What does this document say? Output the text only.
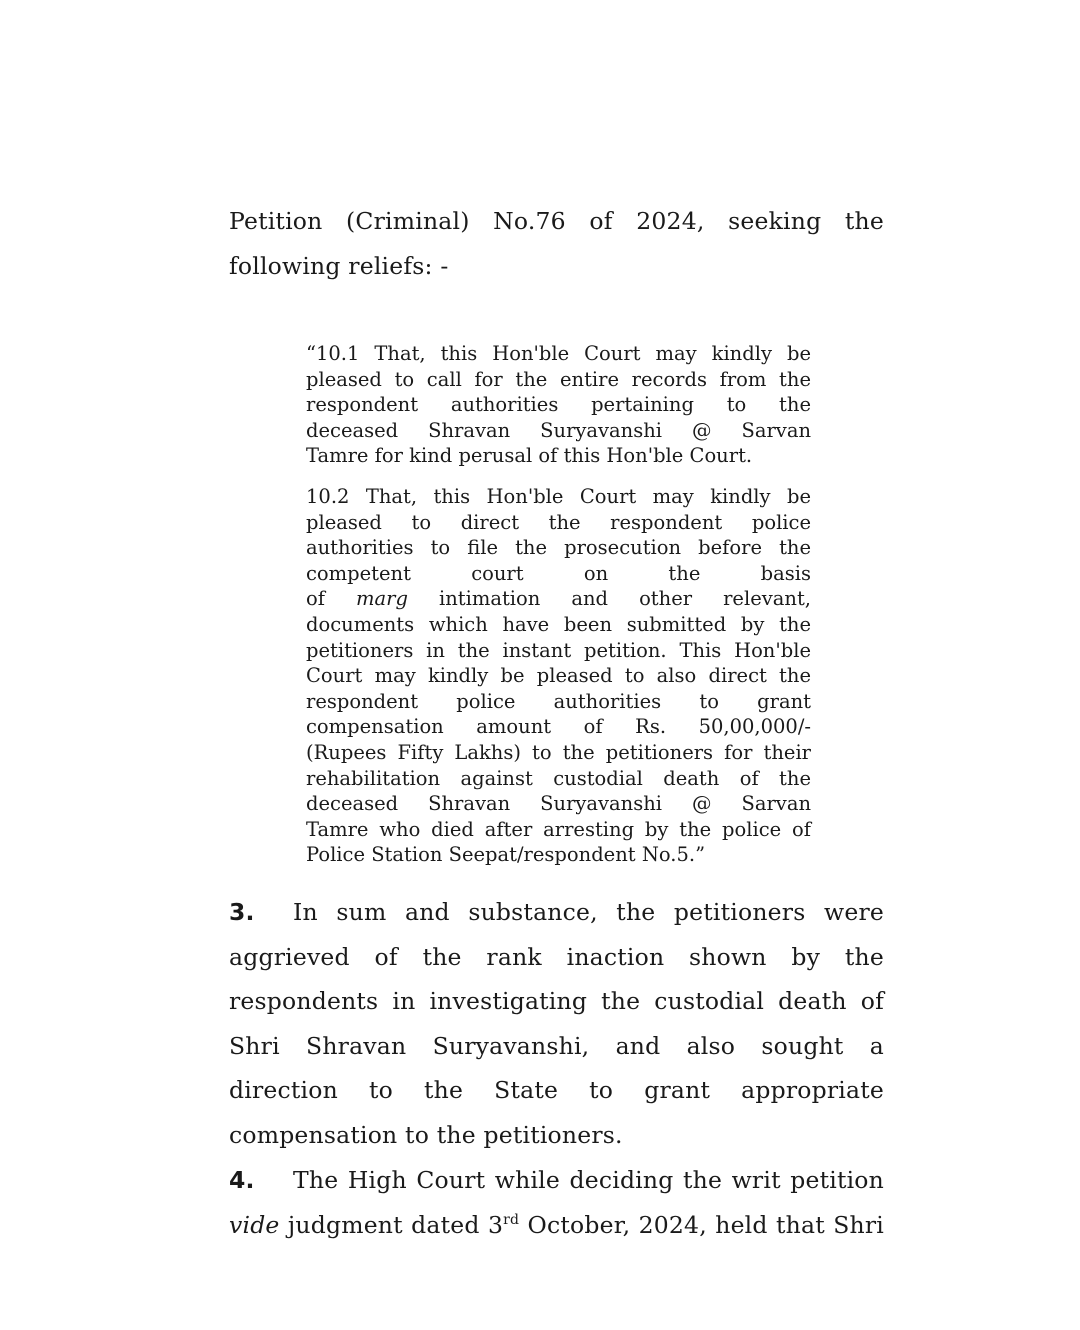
Petition (Criminal) No.76 of 2024, seeking the
following reliefs: -
“10.1 That, this Hon'ble Court may kindly be
pleased to call for the entire records from the
respondent authorities pertaining to the
deceased Shravan Suryavanshi @ Sarvan
Tamre for kind perusal of this Hon'ble Court.
10.2 That, this Hon'ble Court may kindly be
pleased to direct the respondent police
authorities to file the prosecution before the
competent court on the basis
of marg intimation and other relevant,
documents which have been submitted by the
petitioners in the instant petition. This Hon'ble
Court may kindly be pleased to also direct the
respondent police authorities to grant
compensation amount of Rs. 50,00,000/-
(Rupees Fifty Lakhs) to the petitioners for their
rehabilitation against custodial death of the
deceased Shravan Suryavanshi @ Sarvan
Tamre who died after arresting by the police of
Police Station Seepat/respondent No.5.”
3. In sum and substance, the petitioners were
aggrieved of the rank inaction shown by the
respondents in investigating the custodial death of
Shri Shravan Suryavanshi, and also sought a
direction to the State to grant appropriate
compensation to the petitioners.
4. The High Court while deciding the writ petition
vide judgment dated 3rd October, 2024, held that Shri
